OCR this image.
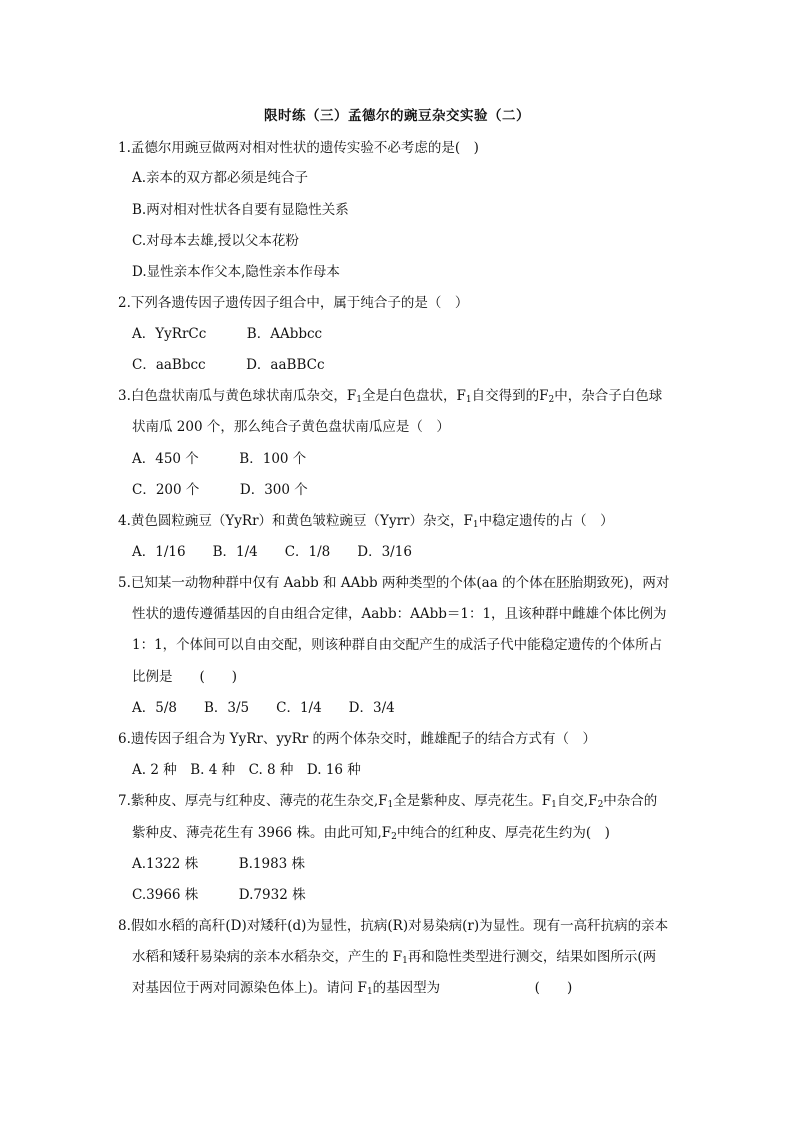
限时练（三）孟德尔的豌豆杂交实验（二）
1.孟德尔用豌豆做两对相对性状的遗传实验不必考虑的是(　)
A.亲本的双方都必须是纯合子
B.两对相对性状各自要有显隐性关系
C.对母本去雄,授以父本花粉
D.显性亲本作父本,隐性亲本作母本
2.下列各遗传因子遗传因子组合中，属于纯合子的是（　）
A．YyRrCc　　　B．AAbbcc
C．aaBbcc　　　D．aaBBCc
3.白色盘状南瓜与黄色球状南瓜杂交，$F_1$全是白色盘状，$F_1$自交得到的$F_2$中，杂合子白色球
状南瓜 200 个，那么纯合子黄色盘状南瓜应是（　）
A．450 个　　　B．100 个
C．200 个　　　D．300 个
4.黄色圆粒豌豆（YyRr）和黄色皱粒豌豆（Yyrr）杂交，$F_1$中稳定遗传的占（　）
A．1/16　　B．1/4　　C．1/8　　D．3/16
5.已知某一动物种群中仅有 Aabb 和 AAbb 两种类型的个体(aa 的个体在胚胎期致死)，两对
性状的遗传遵循基因的自由组合定律，Aabb：AAbb＝1：1，且该种群中雌雄个体比例为
1：1，个体间可以自由交配，则该种群自由交配产生的成活子代中能稳定遗传的个体所占
比例是　　(　　)
A．5/8　　B．3/5　　C．1/4　　D．3/4
6.遗传因子组合为 YyRr、yyRr 的两个体杂交时，雌雄配子的结合方式有（　）
A. 2 种　B. 4 种　C. 8 种　D. 16 种
7.紫种皮、厚壳与红种皮、薄壳的花生杂交$,F_1$全是紫种皮、厚壳花生。$F_1$自交$,F_2$中杂合的
紫种皮、薄壳花生有 3966 株。由此可知$,F_2$中纯合的红种皮、厚壳花生约为(　)
A.1322 株　　　B.1983 株
C.3966 株　　　D.7932 株
8.假如水稻的高秆(D)对矮秆(d)为显性，抗病(R)对易染病(r)为显性。现有一高秆抗病的亲本
水稻和矮秆易染病的亲本水稻杂交，产生的 $F_1$再和隐性类型进行测交，结果如图所示(两
对基因位于两对同源染色体上)。请问 $F_1$的基因型为　　　　　　　(　　)
